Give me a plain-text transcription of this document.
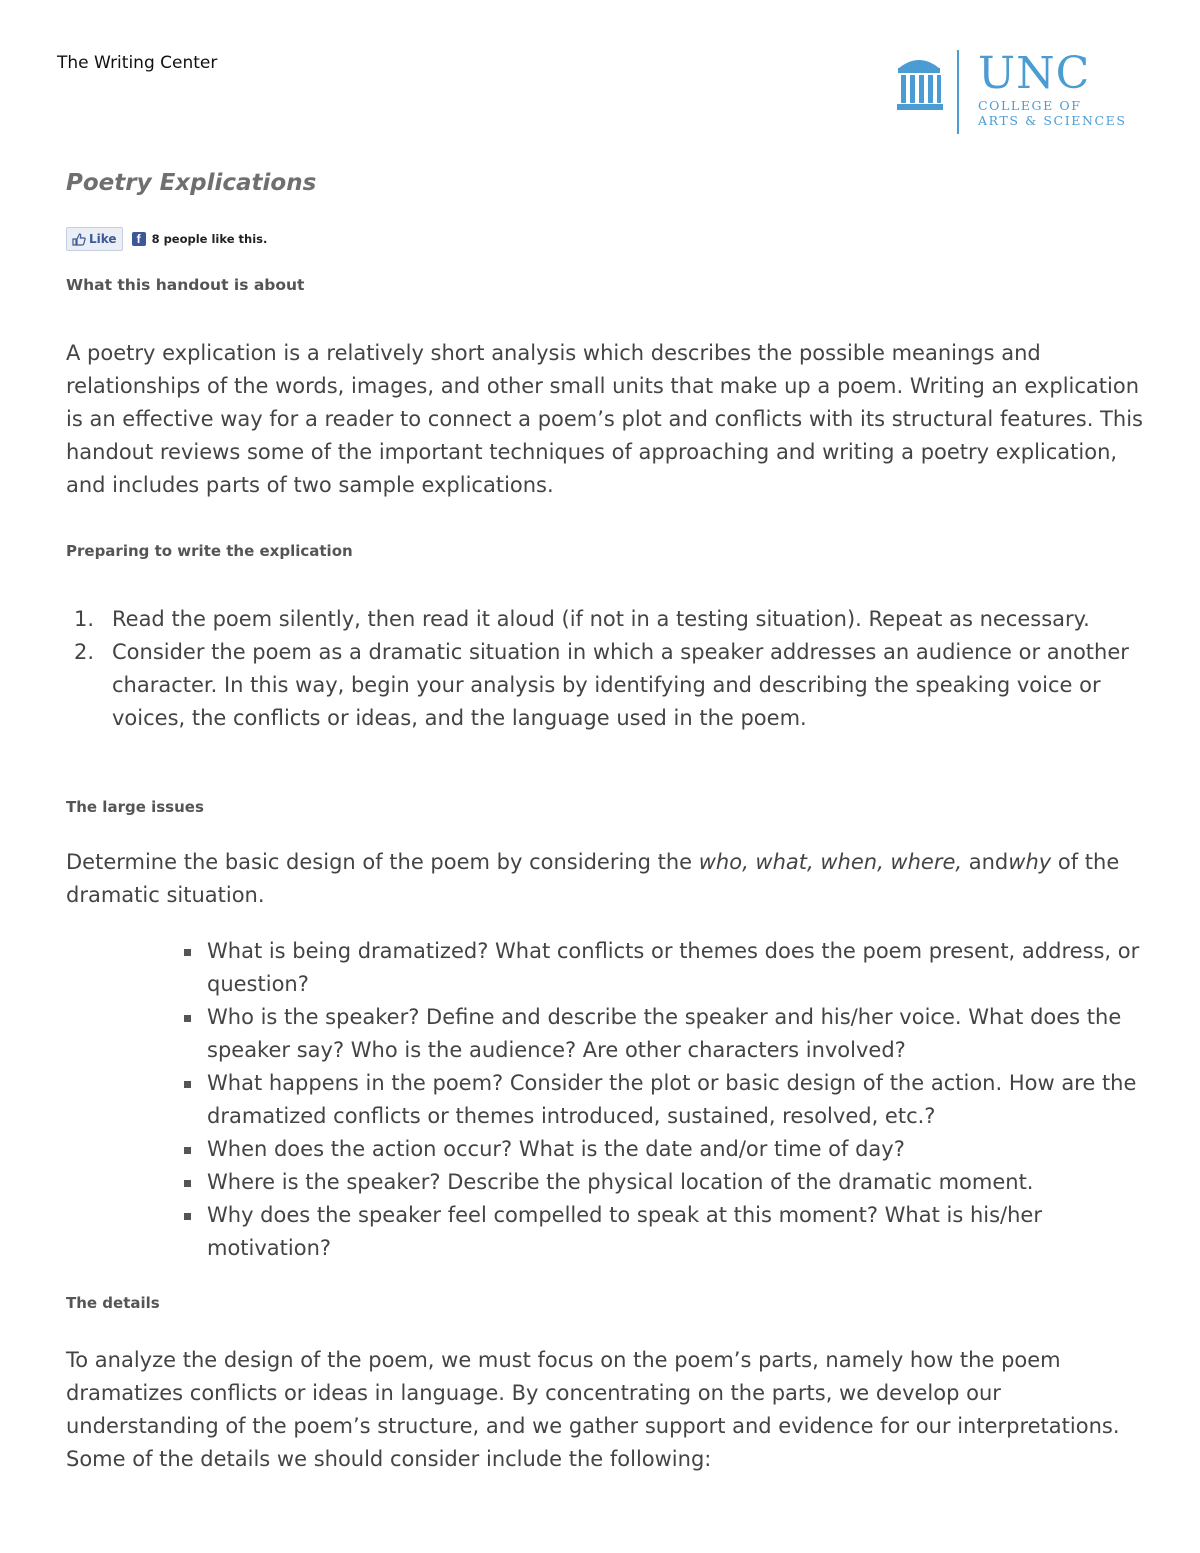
The Writing Center	UNC
COLLEGE OF
ARTS & SCIENCES
Poetry Explications
Like	f 8 people like this.
What this handout is about

A poetry explication is a relatively short analysis which describes the possible meanings and relationships of the words, images, and other small units that make up a poem. Writing an explication is an effective way for a reader to connect a poem’s plot and conflicts with its structural features. This handout reviews some of the important techniques of approaching and writing a poetry explication, and includes parts of two sample explications.

Preparing to write the explication
1. Read the poem silently, then read it aloud (if not in a testing situation). Repeat as necessary.
2. Consider the poem as a dramatic situation in which a speaker addresses an audience or another character. In this way, begin your analysis by identifying and describing the speaking voice or voices, the conflicts or ideas, and the language used in the poem.
The large issues

Determine the basic design of the poem by considering the who, what, when, where, andwhy of the dramatic situation.

What is being dramatized? What conflicts or themes does the poem present, address, or question?
Who is the speaker? Define and describe the speaker and his/her voice. What does the speaker say? Who is the audience? Are other characters involved?
What happens in the poem? Consider the plot or basic design of the action. How are the dramatized conflicts or themes introduced, sustained, resolved, etc.?
When does the action occur? What is the date and/or time of day?
Where is the speaker? Describe the physical location of the dramatic moment.
Why does the speaker feel compelled to speak at this moment? What is his/her motivation?
The details

To analyze the design of the poem, we must focus on the poem’s parts, namely how the poem dramatizes conflicts or ideas in language. By concentrating on the parts, we develop our understanding of the poem’s structure, and we gather support and evidence for our interpretations. Some of the details we should consider include the following:
